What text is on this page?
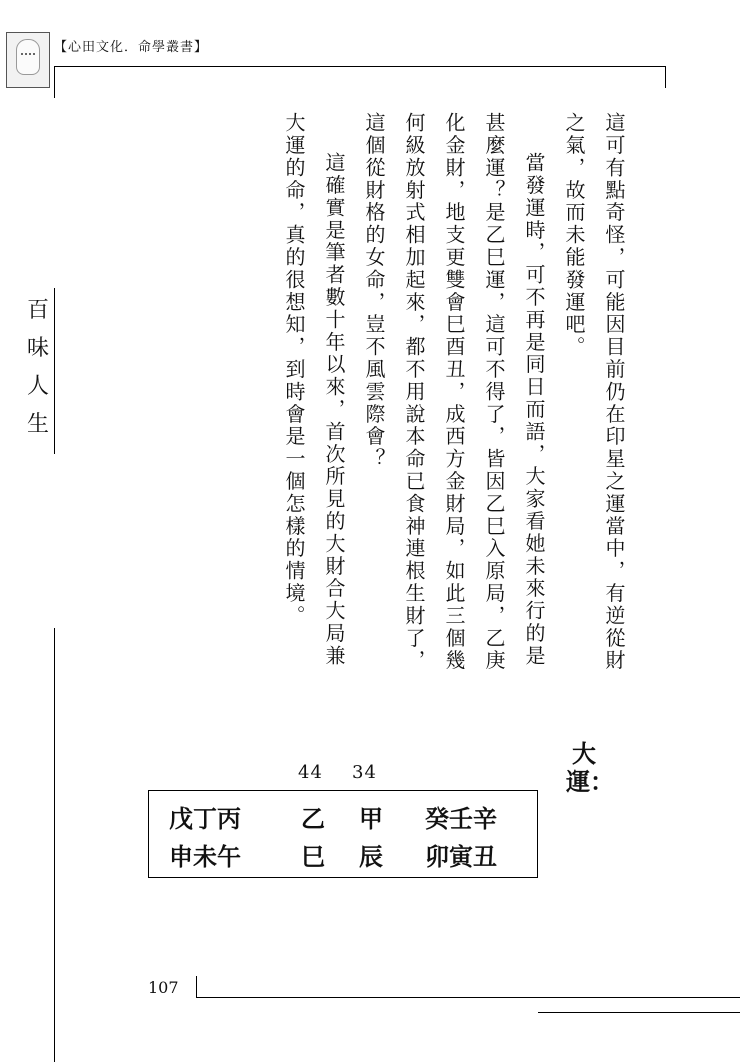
【心田文化．命學叢書】
百味人生	這可有點奇怪，可能因目前仍在印星之運當中，有逆從財之氣，故而未能發運吧。

當發運時，可不再是同日而語，大家看她未來行的是甚麼運？是乙巳運，這可不得了，皆因乙巳入原局，乙庚化金財，地支更雙會巳酉丑，成西方金財局，如此三個幾何級放射式相加起來，都不用說本命已食神連根生財了，這個從財格的女命，豈不風雲際會？

這確實是筆者數十年以來，首次所見的大財合大局兼大運的命，真的很想知，到時會是一個怎樣的情境。

大運：
44 34
戊丁丙	乙 甲 癸壬辛
申未午	巳 辰 卯寅丑
107
